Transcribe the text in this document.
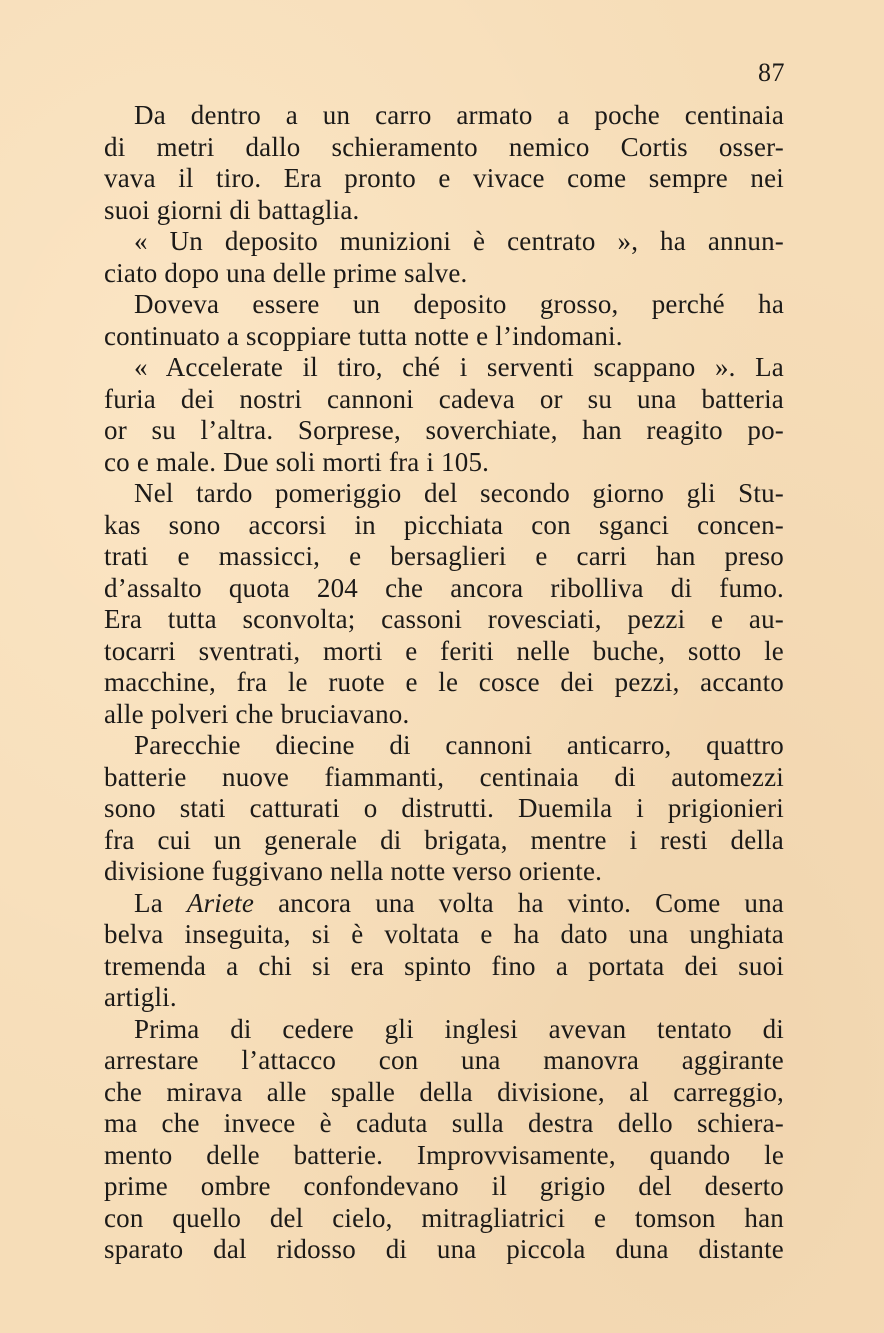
87
Da dentro a un carro armato a poche centinaia
di metri dallo schieramento nemico Cortis osser-
vava il tiro. Era pronto e vivace come sempre nei
suoi giorni di battaglia.
« Un deposito munizioni è centrato », ha annun-
ciato dopo una delle prime salve.
Doveva essere un deposito grosso, perché ha
continuato a scoppiare tutta notte e l’indomani.
« Accelerate il tiro, ché i serventi scappano ». La
furia dei nostri cannoni cadeva or su una batteria
or su l’altra. Sorprese, soverchiate, han reagito po-
co e male. Due soli morti fra i 105.
Nel tardo pomeriggio del secondo giorno gli Stu-
kas sono accorsi in picchiata con sganci concen-
trati e massicci, e bersaglieri e carri han preso
d’assalto quota 204 che ancora ribolliva di fumo.
Era tutta sconvolta; cassoni rovesciati, pezzi e au-
tocarri sventrati, morti e feriti nelle buche, sotto le
macchine, fra le ruote e le cosce dei pezzi, accanto
alle polveri che bruciavano.
Parecchie diecine di cannoni anticarro, quattro
batterie nuove fiammanti, centinaia di automezzi
sono stati catturati o distrutti. Duemila i prigionieri
fra cui un generale di brigata, mentre i resti della
divisione fuggivano nella notte verso oriente.
La Ariete ancora una volta ha vinto. Come una
belva inseguita, si è voltata e ha dato una unghiata
tremenda a chi si era spinto fino a portata dei suoi
artigli.
Prima di cedere gli inglesi avevan tentato di
arrestare l’attacco con una manovra aggirante
che mirava alle spalle della divisione, al carreggio,
ma che invece è caduta sulla destra dello schiera-
mento delle batterie. Improvvisamente, quando le
prime ombre confondevano il grigio del deserto
con quello del cielo, mitragliatrici e tomson han
sparato dal ridosso di una piccola duna distante
